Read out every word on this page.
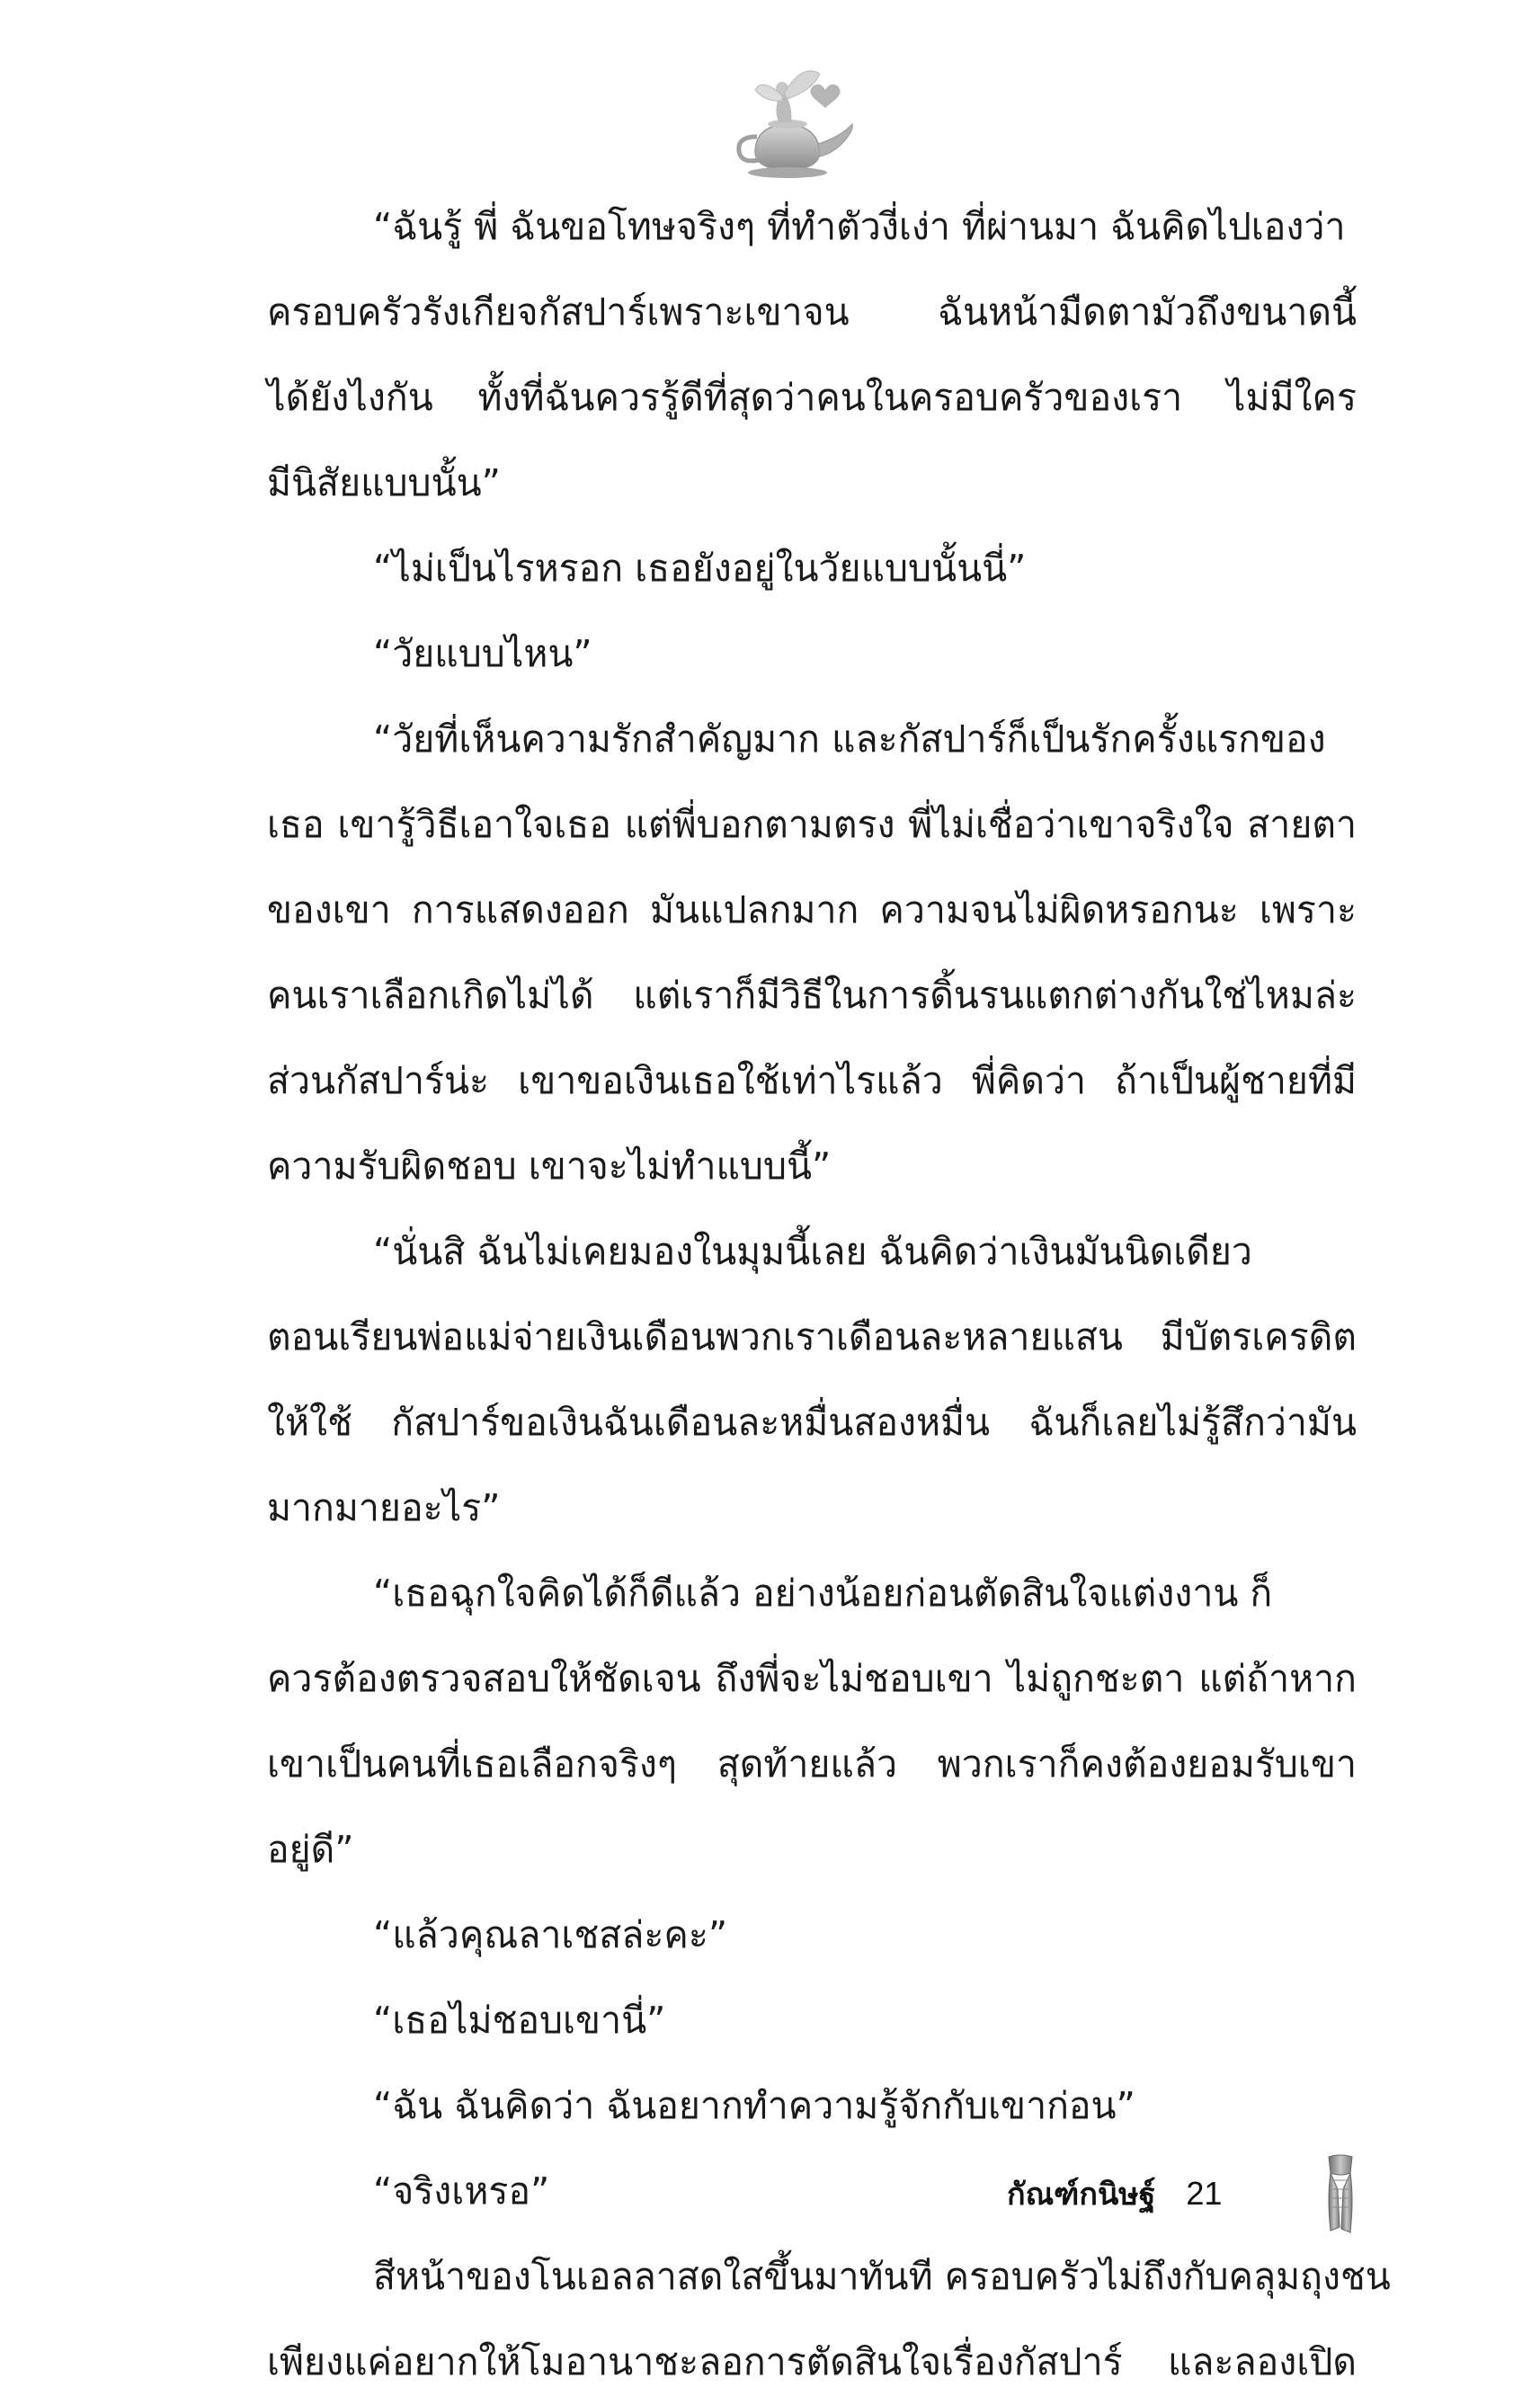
“ฉันรู้ พี่ ฉันขอโทษจริงๆ ที่ทำตัวงี่เง่า ที่ผ่านมา ฉันคิดไปเองว่า
ครอบครัวรังเกียจกัสปาร์เพราะเขาจน ฉันหน้ามืดตามัวถึงขนาดนี้
ได้ยังไงกัน ทั้งที่ฉันควรรู้ดีที่สุดว่าคนในครอบครัวของเรา ไม่มีใคร
มีนิสัยแบบนั้น”
“ไม่เป็นไรหรอก เธอยังอยู่ในวัยแบบนั้นนี่”
“วัยแบบไหน”
“วัยที่เห็นความรักสำคัญมาก และกัสปาร์ก็เป็นรักครั้งแรกของ
เธอ เขารู้วิธีเอาใจเธอ แต่พี่บอกตามตรง พี่ไม่เชื่อว่าเขาจริงใจ สายตา
ของเขา การแสดงออก มันแปลกมาก ความจนไม่ผิดหรอกนะ เพราะ
คนเราเลือกเกิดไม่ได้ แต่เราก็มีวิธีในการดิ้นรนแตกต่างกันใช่ไหมล่ะ
ส่วนกัสปาร์น่ะ เขาขอเงินเธอใช้เท่าไรแล้ว พี่คิดว่า ถ้าเป็นผู้ชายที่มี
ความรับผิดชอบ เขาจะไม่ทำแบบนี้”
“นั่นสิ ฉันไม่เคยมองในมุมนี้เลย ฉันคิดว่าเงินมันนิดเดียว
ตอนเรียนพ่อแม่จ่ายเงินเดือนพวกเราเดือนละหลายแสน มีบัตรเครดิต
ให้ใช้ กัสปาร์ขอเงินฉันเดือนละหมื่นสองหมื่น ฉันก็เลยไม่รู้สึกว่ามัน
มากมายอะไร”
“เธอฉุกใจคิดได้ก็ดีแล้ว อย่างน้อยก่อนตัดสินใจแต่งงาน ก็
ควรต้องตรวจสอบให้ชัดเจน ถึงพี่จะไม่ชอบเขา ไม่ถูกชะตา แต่ถ้าหาก
เขาเป็นคนที่เธอเลือกจริงๆ สุดท้ายแล้ว พวกเราก็คงต้องยอมรับเขา
อยู่ดี”
“แล้วคุณลาเชสล่ะคะ”
“เธอไม่ชอบเขานี่”
“ฉัน ฉันคิดว่า ฉันอยากทำความรู้จักกับเขาก่อน”
“จริงเหรอ”
สีหน้าของโนเอลลาสดใสขึ้นมาทันที ครอบครัวไม่ถึงกับคลุมถุงชน
เพียงแค่อยากให้โมอานาชะลอการตัดสินใจเรื่องกัสปาร์ และลองเปิด
กัณฑ์กนิษฐ์ 21
